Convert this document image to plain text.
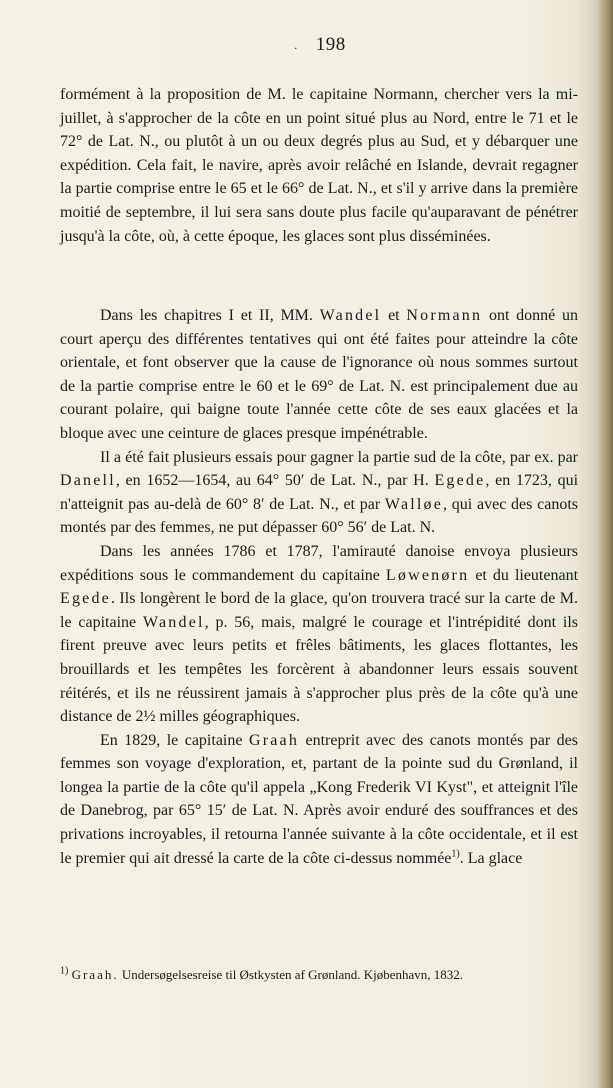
. 198

formément à la proposition de M. le capitaine Normann, chercher vers la mi-juillet, à s'approcher de la côte en un point situé plus au Nord, entre le 71 et le 72° de Lat. N., ou plutôt à un ou deux degrés plus au Sud, et y débarquer une expédition. Cela fait, le navire, après avoir relâché en Islande, devrait regagner la partie comprise entre le 65 et le 66° de Lat. N., et s'il y arrive dans la première moitié de septembre, il lui sera sans doute plus facile qu'auparavant de pénétrer jusqu'à la côte, où, à cette époque, les glaces sont plus disséminées.

Dans les chapitres I et II, MM. Wandel et Normann ont donné un court aperçu des différentes tentatives qui ont été faites pour atteindre la côte orientale, et font observer que la cause de l'ignorance où nous sommes surtout de la partie comprise entre le 60 et le 69° de Lat. N. est principalement due au courant polaire, qui baigne toute l'année cette côte de ses eaux glacées et la bloque avec une ceinture de glaces presque impénétrable.

Il a été fait plusieurs essais pour gagner la partie sud de la côte, par ex. par Danell, en 1652—1654, au 64° 50′ de Lat. N., par H. Egede, en 1723, qui n'atteignit pas au-delà de 60° 8′ de Lat. N., et par Walløe, qui avec des canots montés par des femmes, ne put dépasser 60° 56′ de Lat. N.

Dans les années 1786 et 1787, l'amirauté danoise envoya plusieurs expéditions sous le commandement du capitaine Løwenørn et du lieutenant Egede. Ils longèrent le bord de la glace, qu'on trouvera tracé sur la carte de M. le capitaine Wandel, p. 56, mais, malgré le courage et l'intrépidité dont ils firent preuve avec leurs petits et frêles bâtiments, les glaces flottantes, les brouillards et les tempêtes les forcèrent à abandonner leurs essais souvent réitérés, et ils ne réussirent jamais à s'approcher plus près de la côte qu'à une distance de 2½ milles géographiques.

En 1829, le capitaine Graah entreprit avec des canots montés par des femmes son voyage d'exploration, et, partant de la pointe sud du Grønland, il longea la partie de la côte qu'il appela „Kong Frederik VI Kyst", et atteignit l'île de Danebrog, par 65° 15′ de Lat. N. Après avoir enduré des souffrances et des privations incroyables, il retourna l'année suivante à la côte occidentale, et il est le premier qui ait dressé la carte de la côte ci-dessus nommée$^{1)}$. La glace

$^{1)}$ Graah. Undersøgelsesreise til Østkysten af Grønland. Kjøbenhavn, 1832.
